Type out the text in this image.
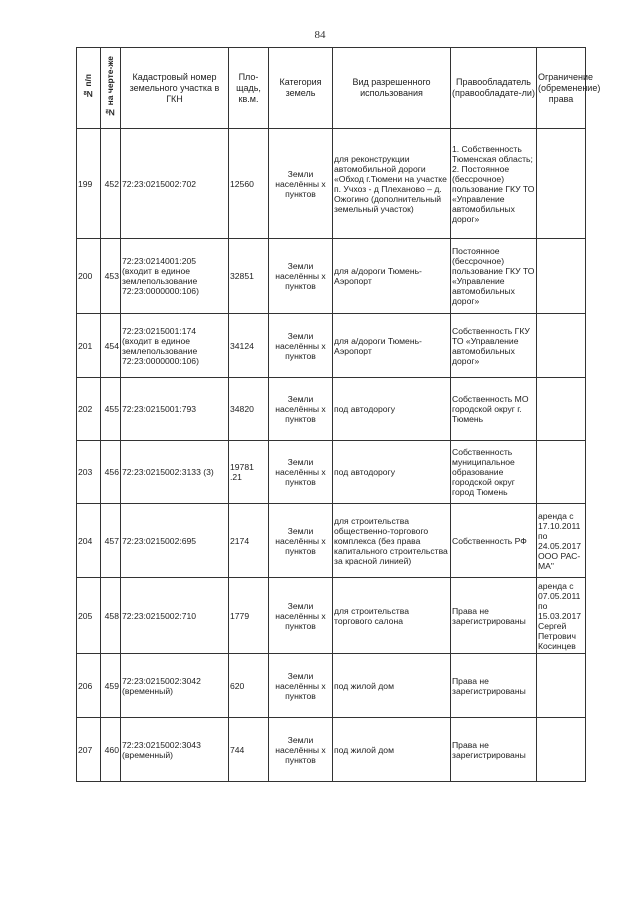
84
№ п/п	№ на черте-же	Кадастровый номер земельного участка в ГКН	Пло-щадь, кв.м.	Категория земель	Вид разрешенного использования	Правообладатель (правообладате-ли)	Ограничение (обременение) права
199	452	72:23:0215002:702	12560	Земли населённы х пунктов	для реконструкции автомобильной дороги «Обход г.Тюмени на участке п. Учхоз - д Плеханово – д. Ожогино (дополнительный земельный участок)	1. Собственность Тюменская область; 2. Постоянное (бессрочное) пользование ГКУ ТО «Управление автомобильных дорог»	
200	453	72:23:0214001:205 (входит в единое землепользование 72:23:0000000:106)	32851	Земли населённы х пунктов	для а/дороги Тюмень-Аэропорт	Постоянное (бессрочное) пользование ГКУ ТО «Управление автомобильных дорог»	
201	454	72:23:0215001:174 (входит в единое землепользование 72:23:0000000:106)	34124	Земли населённы х пунктов	для а/дороги Тюмень-Аэропорт	Собственность ГКУ ТО «Управление автомобильных дорог»	
202	455	72:23:0215001:793	34820	Земли населённы х пунктов	под автодорогу	Собственность МО городской округ г. Тюмень	
203	456	72:23:0215002:3133 (3)	19781 .21	Земли населённы х пунктов	под автодорогу	Собственность муниципальное образование городской округ город Тюмень	
204	457	72:23:0215002:695	2174	Земли населённы х пунктов	для строительства общественно-торгового комплекса (без права капитального строительства за красной линией)	Собственность РФ	аренда с 17.10.2011 по 24.05.2017 ООО РАС-МА"
205	458	72:23:0215002:710	1779	Земли населённы х пунктов	для строительства торгового салона	Права не зарегистрированы	аренда с 07.05.2011 по 15.03.2017 Сергей Петрович Косинцев
206	459	72:23:0215002:3042 (временный)	620	Земли населённы х пунктов	под жилой дом	Права не зарегистрированы	
207	460	72:23:0215002:3043 (временный)	744	Земли населённы х пунктов	под жилой дом	Права не зарегистрированы	
